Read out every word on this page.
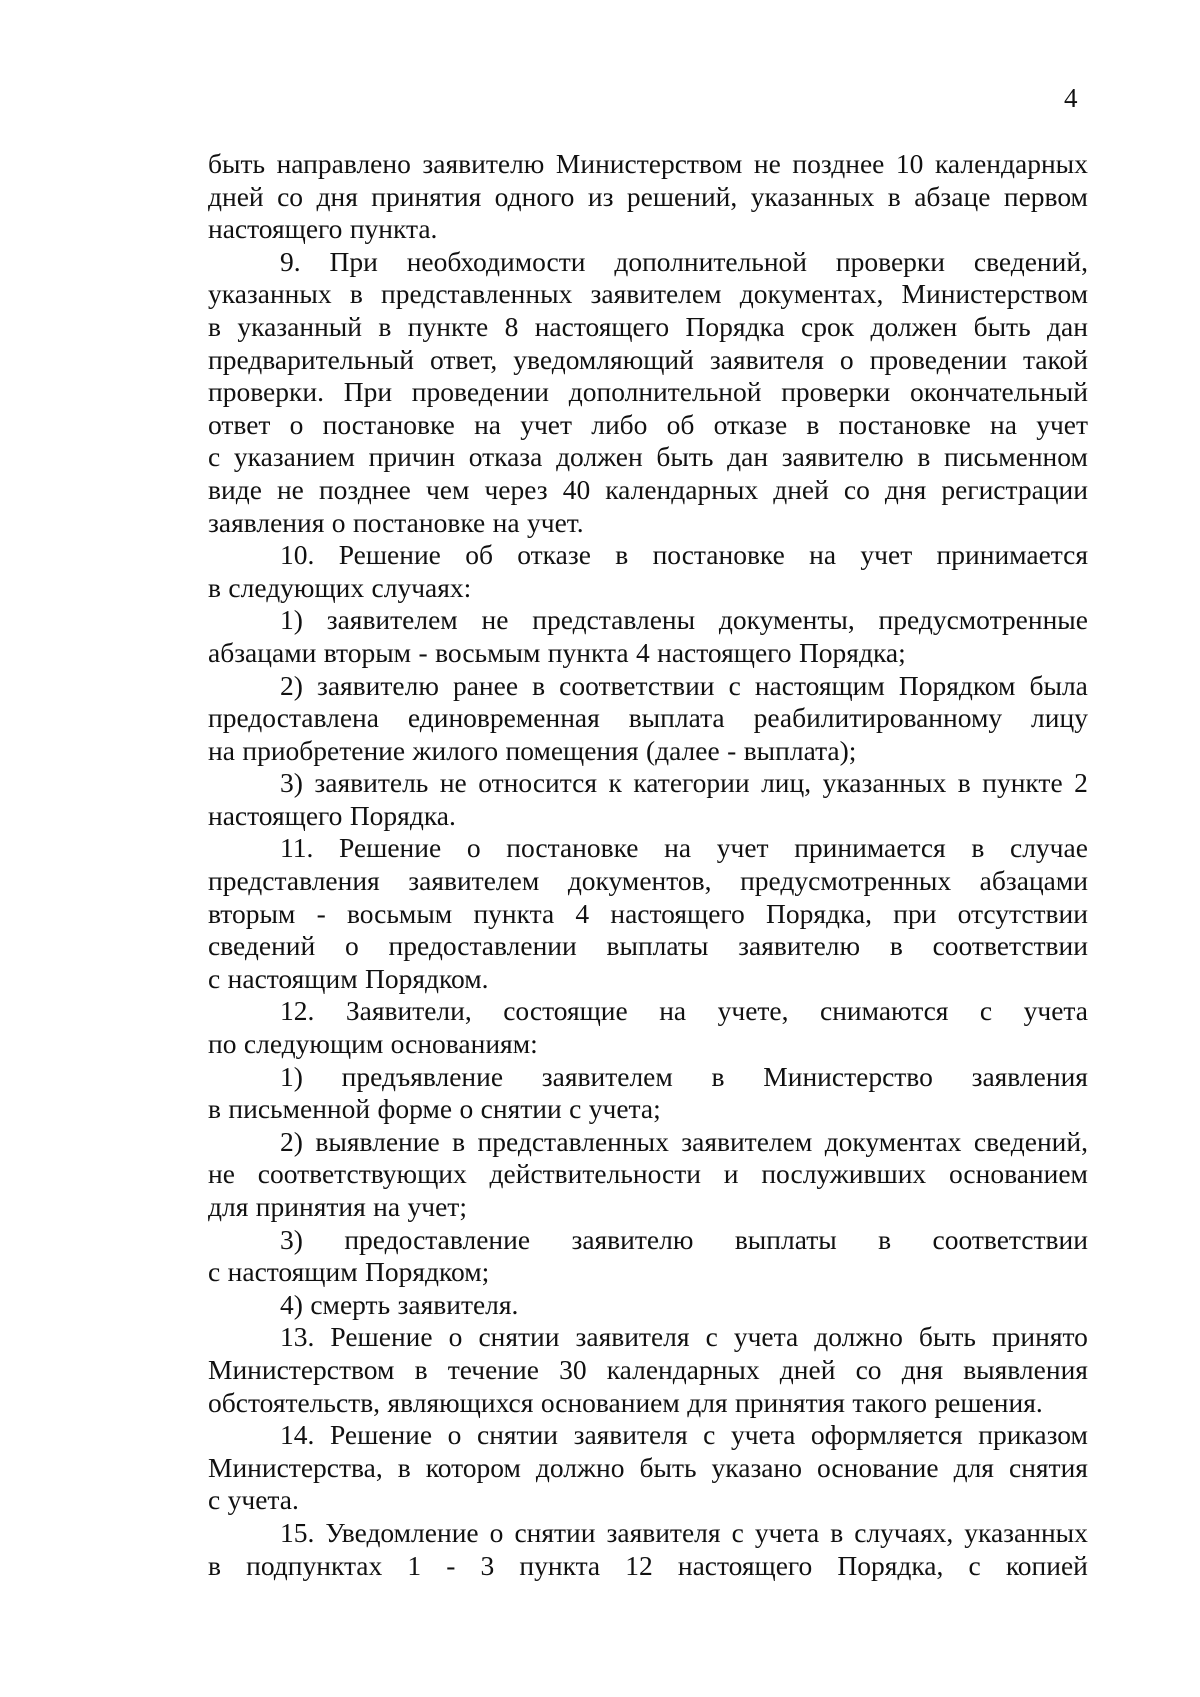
4
быть направлено заявителю Министерством не позднее 10 календарных
дней со дня принятия одного из решений, указанных в абзаце первом
настоящего пункта.
9. При необходимости дополнительной проверки сведений,
указанных в представленных заявителем документах, Министерством
в указанный в пункте 8 настоящего Порядка срок должен быть дан
предварительный ответ, уведомляющий заявителя о проведении такой
проверки. При проведении дополнительной проверки окончательный
ответ о постановке на учет либо об отказе в постановке на учет
с указанием причин отказа должен быть дан заявителю в письменном
виде не позднее чем через 40 календарных дней со дня регистрации
заявления о постановке на учет.
10. Решение об отказе в постановке на учет принимается
в следующих случаях:
1) заявителем не представлены документы, предусмотренные
абзацами вторым - восьмым пункта 4 настоящего Порядка;
2) заявителю ранее в соответствии с настоящим Порядком была
предоставлена единовременная выплата реабилитированному лицу
на приобретение жилого помещения (далее - выплата);
3) заявитель не относится к категории лиц, указанных в пункте 2
настоящего Порядка.
11. Решение о постановке на учет принимается в случае
представления заявителем документов, предусмотренных абзацами
вторым - восьмым пункта 4 настоящего Порядка, при отсутствии
сведений о предоставлении выплаты заявителю в соответствии
с настоящим Порядком.
12. Заявители, состоящие на учете, снимаются с учета
по следующим основаниям:
1) предъявление заявителем в Министерство заявления
в письменной форме о снятии с учета;
2) выявление в представленных заявителем документах сведений,
не соответствующих действительности и послуживших основанием
для принятия на учет;
3) предоставление заявителю выплаты в соответствии
с настоящим Порядком;
4) смерть заявителя.
13. Решение о снятии заявителя с учета должно быть принято
Министерством в течение 30 календарных дней со дня выявления
обстоятельств, являющихся основанием для принятия такого решения.
14. Решение о снятии заявителя с учета оформляется приказом
Министерства, в котором должно быть указано основание для снятия
с учета.
15. Уведомление о снятии заявителя с учета в случаях, указанных
в подпунктах 1 - 3 пункта 12 настоящего Порядка, с копией
